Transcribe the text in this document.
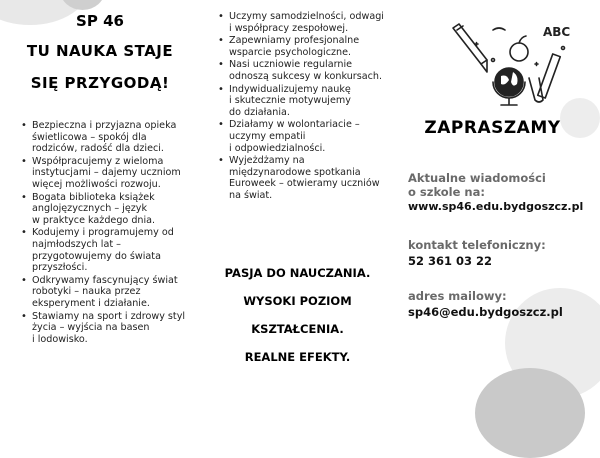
SP 46
TU NAUKA STAJE
SIĘ PRZYGODĄ!
• Bezpieczna i przyjazna opieka
świetlicowa – spokój dla
rodziców, radość dla dzieci.
• Współpracujemy z wieloma
instytucjami – dajemy uczniom
więcej możliwości rozwoju.
• Bogata biblioteka książek
anglojęzycznych – język
w praktyce każdego dnia.
• Kodujemy i programujemy od
najmłodszych lat –
przygotowujemy do świata
przyszłości.
• Odkrywamy fascynujący świat
robotyki – nauka przez
eksperyment i działanie.
• Stawiamy na sport i zdrowy styl
życia – wyjścia na basen
i lodowisko.
• Uczymy samodzielności, odwagi
i współpracy zespołowej.
• Zapewniamy profesjonalne
wsparcie psychologiczne.
• Nasi uczniowie regularnie
odnoszą sukcesy w konkursach.
• Indywidualizujemy naukę
i skutecznie motywujemy
do działania.
• Działamy w wolontariacie –
uczymy empatii
i odpowiedzialności.
• Wyjeżdżamy na
międzynarodowe spotkania
Euroweek – otwieramy uczniów
na świat.
PASJA DO NAUCZANIA.
WYSOKI POZIOM
KSZTAŁCENIA.
REALNE EFEKTY.
ABC
ZAPRASZAMY
Aktualne wiadomości
o szkole na:
www.sp46.edu.bydgoszcz.pl
kontakt telefoniczny:
52 361 03 22
adres mailowy:
sp46@edu.bydgoszcz.pl
